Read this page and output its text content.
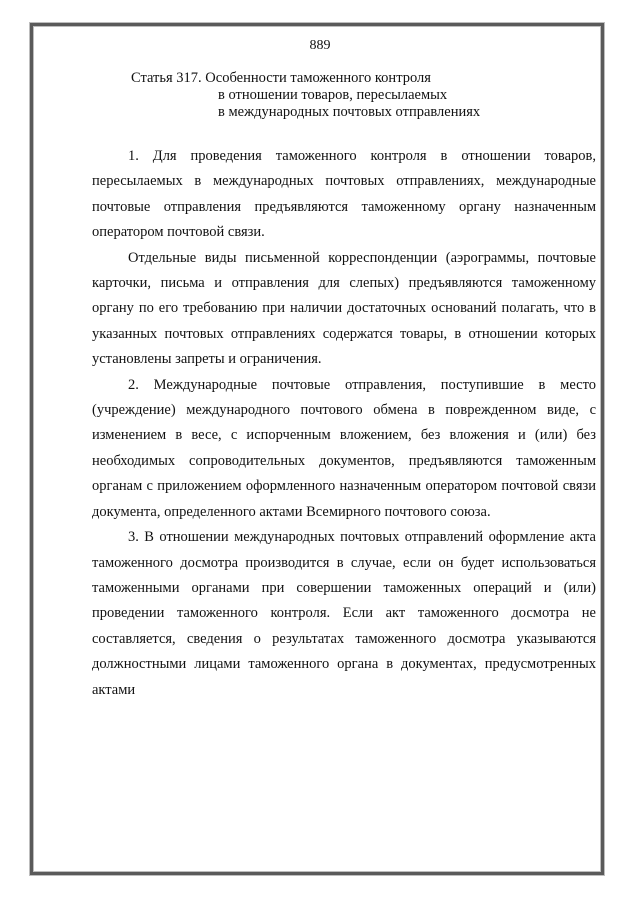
889
Статья 317. Особенности таможенного контроля
в отношении товаров, пересылаемых
в международных почтовых отправлениях

1. Для проведения таможенного контроля в отношении товаров, пересылаемых в международных почтовых отправлениях, международные почтовые отправления предъявляются таможенному органу назначенным оператором почтовой связи.

Отдельные виды письменной корреспонденции (аэрограммы, почтовые карточки, письма и отправления для слепых) предъявляются таможенному органу по его требованию при наличии достаточных оснований полагать, что в указанных почтовых отправлениях содержатся товары, в отношении которых установлены запреты и ограничения.

2. Международные почтовые отправления, поступившие в место (учреждение) международного почтового обмена в поврежденном виде, с изменением в весе, с испорченным вложением, без вложения и (или) без необходимых сопроводительных документов, предъявляются таможенным органам с приложением оформленного назначенным оператором почтовой связи документа, определенного актами Всемирного почтового союза.

3. В отношении международных почтовых отправлений оформление акта таможенного досмотра производится в случае, если он будет использоваться таможенными органами при совершении таможенных операций и (или) проведении таможенного контроля. Если акт таможенного досмотра не составляется, сведения о результатах таможенного досмотра указываются должностными лицами таможенного органа в документах, предусмотренных актами
